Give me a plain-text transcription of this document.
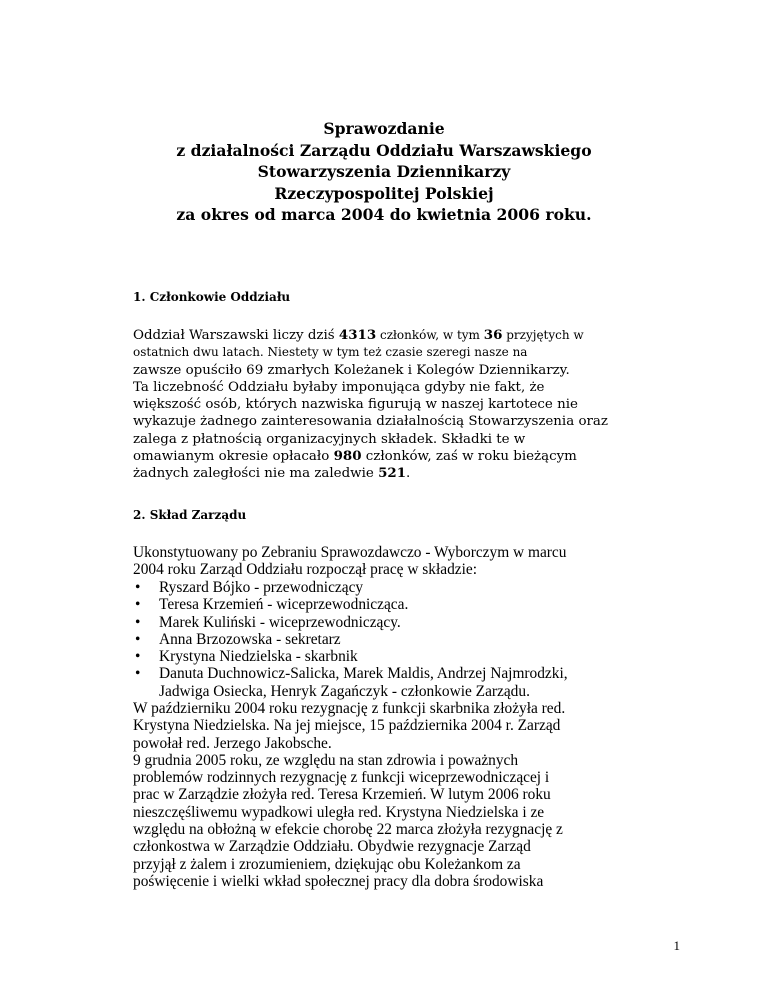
Sprawozdanie
z działalności Zarządu Oddziału Warszawskiego
Stowarzyszenia Dziennikarzy
Rzeczypospolitej Polskiej
za okres od marca 2004 do kwietnia 2006 roku.
1. Członkowie Oddziału
Oddział Warszawski liczy dziś 4313 członków, w tym 36 przyjętych w
ostatnich dwu latach. Niestety w tym też czasie szeregi nasze na
zawsze opuściło 69 zmarłych Koleżanek i Kolegów Dziennikarzy.
Ta liczebność Oddziału byłaby imponująca gdyby nie fakt, że
większość osób, których nazwiska figurują w naszej kartotece nie
wykazuje żadnego zainteresowania działalnością Stowarzyszenia oraz
zalega z płatnością organizacyjnych składek. Składki te w
omawianym okresie opłacało 980 członków, zaś w roku bieżącym
żadnych zaległości nie ma zaledwie 521.
2. Skład Zarządu
Ukonstytuowany po Zebraniu Sprawozdawczo - Wyborczym w marcu
2004 roku Zarząd Oddziału rozpoczął pracę w składzie:
• Ryszard Bójko - przewodniczący
• Teresa Krzemień - wiceprzewodnicząca.
• Marek Kuliński - wiceprzewodniczący.
• Anna Brzozowska - sekretarz
• Krystyna Niedzielska - skarbnik
• Danuta Duchnowicz-Salicka, Marek Maldis, Andrzej Najmrodzki,
Jadwiga Osiecka, Henryk Zagańczyk - członkowie Zarządu.
W październiku 2004 roku rezygnację z funkcji skarbnika złożyła red.
Krystyna Niedzielska. Na jej miejsce, 15 października 2004 r. Zarząd
powołał red. Jerzego Jakobsche.
9 grudnia 2005 roku, ze względu na stan zdrowia i poważnych
problemów rodzinnych rezygnację z funkcji wiceprzewodniczącej i
prac w Zarządzie złożyła red. Teresa Krzemień. W lutym 2006 roku
nieszczęśliwemu wypadkowi uległa red. Krystyna Niedzielska i ze
względu na obłożną w efekcie chorobę 22 marca złożyła rezygnację z
członkostwa w Zarządzie Oddziału. Obydwie rezygnacje Zarząd
przyjął z żalem i zrozumieniem, dziękując obu Koleżankom za
poświęcenie i wielki wkład społecznej pracy dla dobra środowiska
1
